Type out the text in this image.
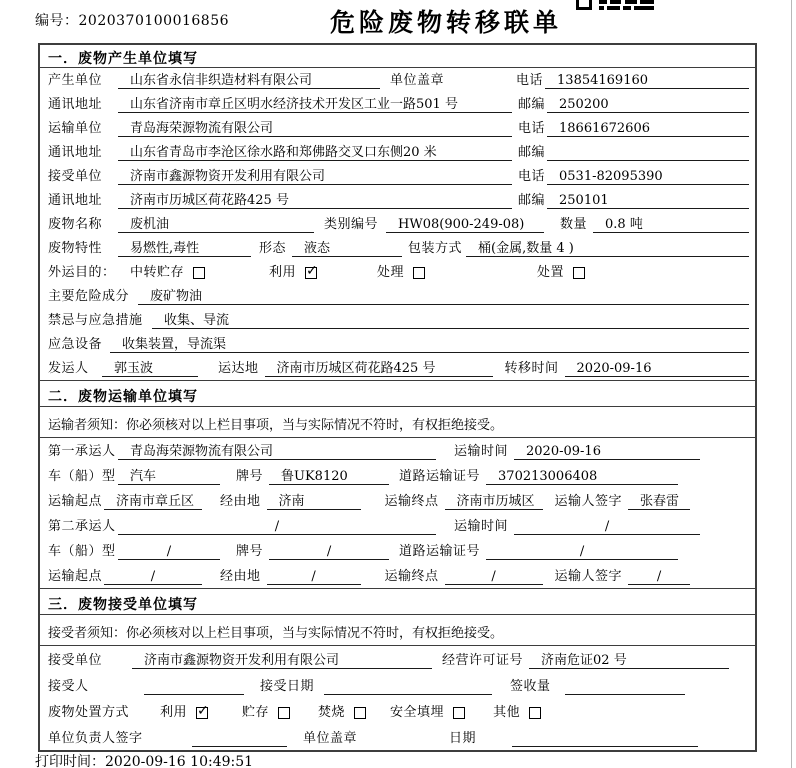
编号：2020370100016856	危险废物转移联单
一．废物产生单位填写
产生单位	山东省永信非织造材料有限公司	单位盖章	电话	13854169160
通讯地址	山东省济南市章丘区明水经济技术开发区工业一路501 号	邮编	250200
运输单位	青岛海荣源物流有限公司	电话	18661672606
通讯地址	山东省青岛市李沧区徐水路和郑佛路交叉口东侧20 米	邮编
接受单位	济南市鑫源物资开发利用有限公司	电话	0531-82095390
通讯地址	济南市历城区荷花路425 号	邮编	250101
废物名称	废机油	类别编号	HW08(900-249-08)	数量	0.8 吨
废物特性	易燃性,毒性	形态	液态	包装方式	桶(金属,数量 4 )
外运目的：	中转贮存	利用 ✓	处理	处置
主要危险成分	废矿物油
禁忌与应急措施	收集、导流
应急设备	收集装置，导流渠
发运人	郭玉波	运达地	济南市历城区荷花路425 号	转移时间	2020-09-16
二．废物运输单位填写
运输者须知：你必须核对以上栏目事项，当与实际情况不符时，有权拒绝接受。
第一承运人	青岛海荣源物流有限公司	运输时间	2020-09-16
车（船）型	汽车	牌号	鲁UK8120	道路运输证号	370213006408
运输起点	济南市章丘区	经由地	济南	运输终点	济南市历城区	运输人签字	张春雷
第二承运人	/	运输时间	/
车（船）型	/	牌号	/	道路运输证号	/
运输起点	/	经由地	/	运输终点	/	运输人签字	/
三．废物接受单位填写
接受者须知：你必须核对以上栏目事项，当与实际情况不符时，有权拒绝接受。
接受单位	济南市鑫源物资开发利用有限公司	经营许可证号	济南危证02 号
接受人	接受日期	签收量
废物处置方式 利用 ✓	贮存	焚烧	安全填埋	其他
单位负责人签字	单位盖章	日期
打印时间：2020-09-16 10:49:51
